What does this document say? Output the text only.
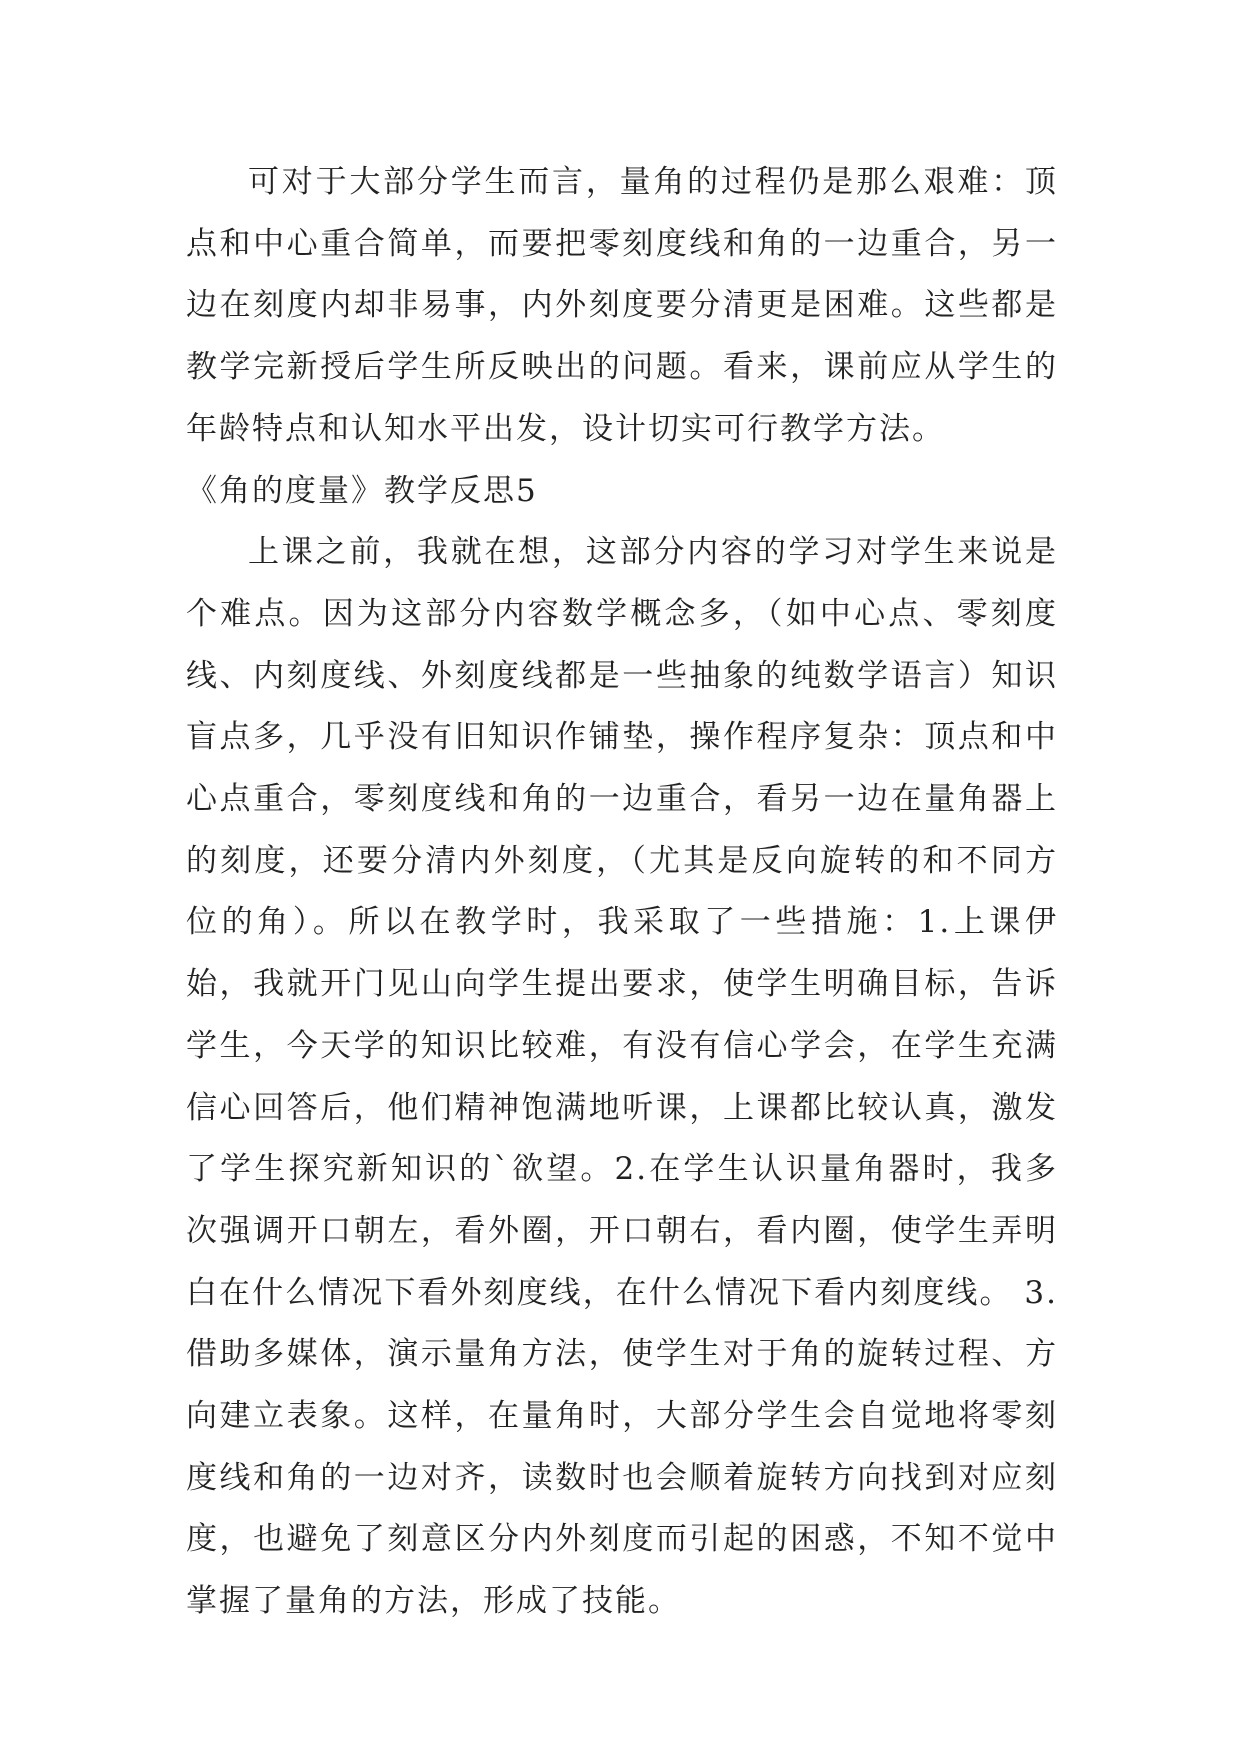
可对于大部分学生而言，量角的过程仍是那么艰难：顶点和中心重合简单，而要把零刻度线和角的一边重合，另一边在刻度内却非易事，内外刻度要分清更是困难。这些都是教学完新授后学生所反映出的问题。看来，课前应从学生的年龄特点和认知水平出发，设计切实可行教学方法。

《角的度量》教学反思5

上课之前，我就在想，这部分内容的学习对学生来说是个难点。因为这部分内容数学概念多，（如中心点、零刻度线、内刻度线、外刻度线都是一些抽象的纯数学语言）知识盲点多，几乎没有旧知识作铺垫，操作程序复杂：顶点和中心点重合，零刻度线和角的一边重合，看另一边在量角器上的刻度，还要分清内外刻度，（尤其是反向旋转的和不同方位的角）。所以在教学时，我采取了一些措施：1.上课伊始，我就开门见山向学生提出要求，使学生明确目标，告诉学生，今天学的知识比较难，有没有信心学会，在学生充满信心回答后，他们精神饱满地听课，上课都比较认真，激发了学生探究新知识的`欲望。2.在学生认识量角器时，我多次强调开口朝左，看外圈，开口朝右，看内圈，使学生弄明白在什么情况下看外刻度线，在什么情况下看内刻度线。 3.借助多媒体，演示量角方法，使学生对于角的旋转过程、方向建立表象。这样，在量角时，大部分学生会自觉地将零刻度线和角的一边对齐，读数时也会顺着旋转方向找到对应刻度，也避免了刻意区分内外刻度而引起的困惑，不知不觉中掌握了量角的方法，形成了技能。
